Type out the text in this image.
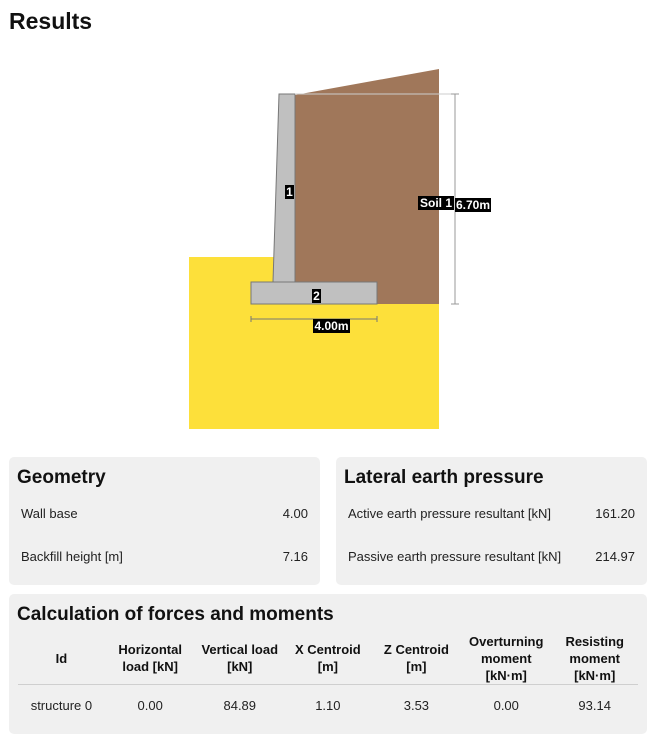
Results
1
2
Soil 1 6.70m
4.00m
Geometry
Wall base	4.00
Backfill height [m]	7.16
Lateral earth pressure
Active earth pressure resultant [kN]	161.20
Passive earth pressure resultant [kN]	214.97
Calculation of forces and moments
Id	Horizontal load [kN]	Vertical load [kN]	X Centroid [m]	Z Centroid [m]	Overturning moment [kN·m]	Resisting moment [kN·m]
structure 0	0.00	84.89	1.10	3.53	0.00	93.14
